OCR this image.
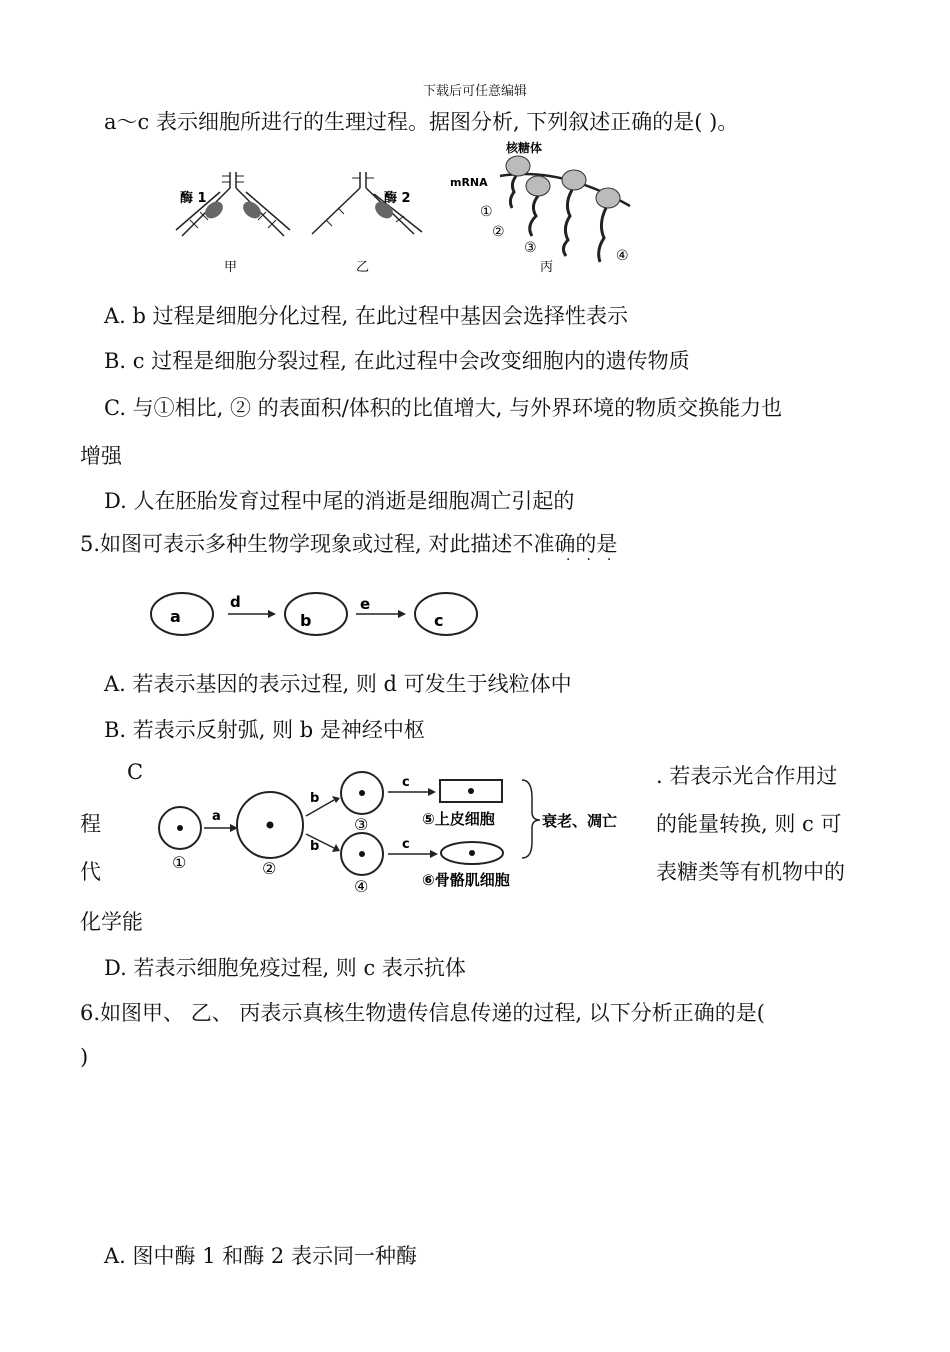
下载后可任意编辑
a～c 表示细胞所进行的生理过程。据图分析, 下列叙述正确的是( )。
酶 1
甲
酶 2
乙
核糖体
mRNA
①
②
③	④
丙
A. b 过程是细胞分化过程, 在此过程中基因会选择性表示
B. c 过程是细胞分裂过程, 在此过程中会改变细胞内的遗传物质
C. 与①相比, ② 的表面积/体积的比值增大, 与外界环境的物质交换能力也
增强
D. 人在胚胎发育过程中尾的消逝是细胞凋亡引起的
5.如图可表示多种生物学现象或过程, 对此描述不准确的是
···
a	b	c
d	e
A. 若表示基因的表示过程, 则 d 可发生于线粒体中
B. 若表示反射弧, 则 b 是神经中枢
C	. 若表示光合作用过
程	的能量转换, 则 c 可
代	表糖类等有机物中的
化学能
a
b
b
c
c
①	②
③
④
⑤上皮细胞
⑥骨骼肌细胞
衰老、凋亡
D. 若表示细胞免疫过程, 则 c 表示抗体
6.如图甲、 乙、 丙表示真核生物遗传信息传递的过程, 以下分析正确的是(
)
A. 图中酶 1 和酶 2 表示同一种酶
